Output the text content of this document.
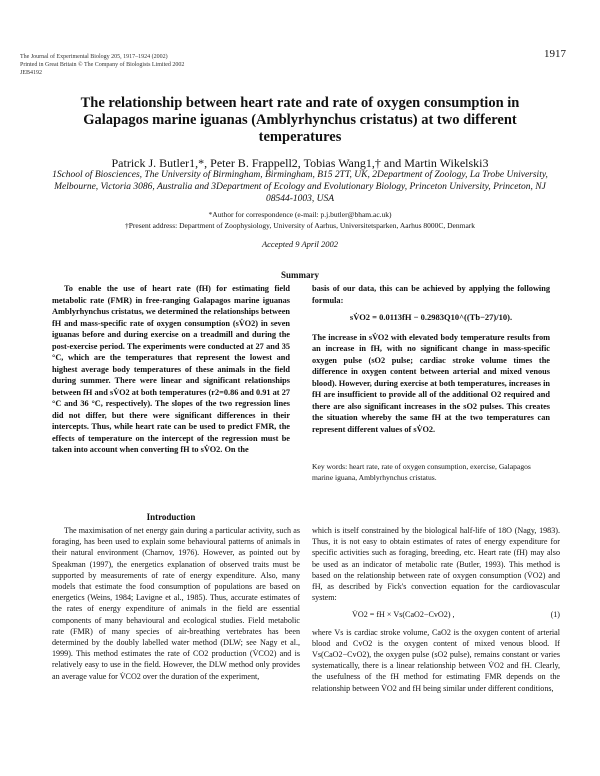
The Journal of Experimental Biology 205, 1917–1924 (2002)
Printed in Great Britain © The Company of Biologists Limited 2002
JEB4192
1917
The relationship between heart rate and rate of oxygen consumption in Galapagos marine iguanas (Amblyrhynchus cristatus) at two different temperatures
Patrick J. Butler1,*, Peter B. Frappell2, Tobias Wang1,† and Martin Wikelski3
1School of Biosciences, The University of Birmingham, Birmingham, B15 2TT, UK, 2Department of Zoology, La Trobe University, Melbourne, Victoria 3086, Australia and 3Department of Ecology and Evolutionary Biology, Princeton University, Princeton, NJ 08544-1003, USA
*Author for correspondence (e-mail: p.j.butler@bham.ac.uk)
†Present address: Department of Zoophysiology, University of Aarhus, Universitetsparken, Aarhus 8000C, Denmark
Accepted 9 April 2002
Summary

To enable the use of heart rate (fH) for estimating field metabolic rate (FMR) in free-ranging Galapagos marine iguanas Amblyrhynchus cristatus, we determined the relationships between fH and mass-specific rate of oxygen consumption (sV̇O2) in seven iguanas before and during exercise on a treadmill and during the post-exercise period. The experiments were conducted at 27 and 35 °C, which are the temperatures that represent the lowest and highest average body temperatures of these animals in the field during summer. There were linear and significant relationships between fH and sV̇O2 at both temperatures (r2=0.86 and 0.91 at 27 °C and 36 °C, respectively). The slopes of the two regression lines did not differ, but there were significant differences in their intercepts. Thus, while heart rate can be used to predict FMR, the effects of temperature on the intercept of the regression must be taken into account when converting fH to sV̇O2. On the

basis of our data, this can be achieved by applying the following formula:

sV̇O2 = 0.0113fH − 0.2983Q10^((Tb−27)/10).

The increase in sV̇O2 with elevated body temperature results from an increase in fH, with no significant change in mass-specific oxygen pulse (sO2 pulse; cardiac stroke volume times the difference in oxygen content between arterial and mixed venous blood). However, during exercise at both temperatures, increases in fH are insufficient to provide all of the additional O2 required and there are also significant increases in the sO2 pulses. This creates the situation whereby the same fH at the two temperatures can represent different values of sV̇O2.

Key words: heart rate, rate of oxygen consumption, exercise, Galapagos marine iguana, Amblyrhynchus cristatus.
Introduction

The maximisation of net energy gain during a particular activity, such as foraging, has been used to explain some behavioural patterns of animals in their natural environment (Charnov, 1976). However, as pointed out by Speakman (1997), the energetics explanation of observed traits must be supported by measurements of rate of energy expenditure. Also, many models that estimate the food consumption of populations are based on energetics (Weins, 1984; Lavigne et al., 1985). Thus, accurate estimates of the rates of energy expenditure of animals in the field are essential components of many behavioural and ecological studies. Field metabolic rate (FMR) of many species of air-breathing vertebrates has been determined by the doubly labelled water method (DLW; see Nagy et al., 1999). This method estimates the rate of CO2 production (V̇CO2) and is relatively easy to use in the field. However, the DLW method only provides an average value for V̇CO2 over the duration of the experiment,

which is itself constrained by the biological half-life of 18O (Nagy, 1983). Thus, it is not easy to obtain estimates of rates of energy expenditure for specific activities such as foraging, breeding, etc. Heart rate (fH) may also be used as an indicator of metabolic rate (Butler, 1993). This method is based on the relationship between rate of oxygen consumption (V̇O2) and fH, as described by Fick's convection equation for the cardiovascular system:

V̇O2 = fH × Vs(CaO2−CvO2) ,	(1)

where Vs is cardiac stroke volume, CaO2 is the oxygen content of arterial blood and CvO2 is the oxygen content of mixed venous blood. If Vs(CaO2−CvO2), the oxygen pulse (sO2 pulse), remains constant or varies systematically, there is a linear relationship between V̇O2 and fH. Clearly, the usefulness of the fH method for estimating FMR depends on the relationship between V̇O2 and fH being similar under different conditions,
